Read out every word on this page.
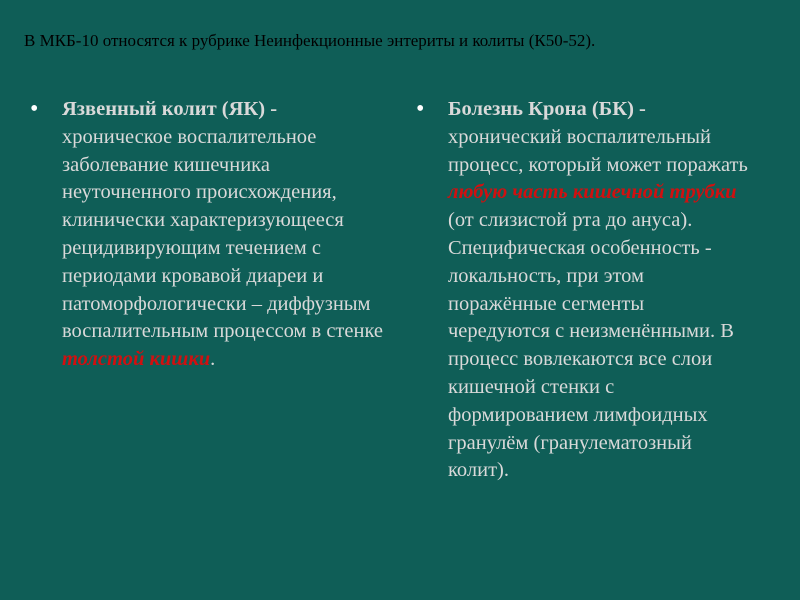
В МКБ-10 относятся к рубрике Неинфекционные энтериты и колиты (К50-52).
•	Язвенный колит (ЯК) - хроническое воспалительное заболевание кишечника неуточненного происхождения, клинически характеризующееся рецидивирующим течением с периодами кровавой диареи и патоморфологически – диффузным воспалительным процессом в стенке толстой кишки.
•	Болезнь Крона (БК) - хронический воспалительный процесс, который может поражать любую часть кишечной трубки (от слизистой рта до ануса). Специфическая особенность - локальность, при этом поражённые сегменты чередуются с неизменёнными. В процесс вовлекаются все слои кишечной стенки с формированием лимфоидных гранулём (гранулематозный колит).
